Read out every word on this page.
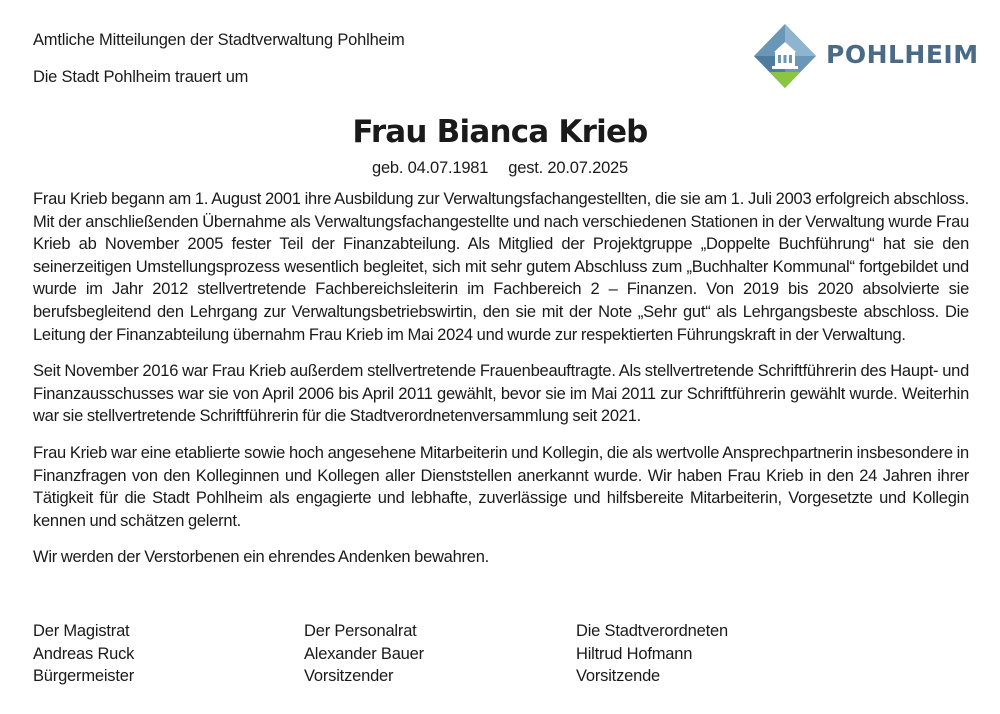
Amtliche Mitteilungen der Stadtverwaltung Pohlheim
Die Stadt Pohlheim trauert um
POHLHEIM
Frau Bianca Krieb
geb. 04.07.1981 gest. 20.07.2025

Frau Krieb begann am 1. August 2001 ihre Ausbildung zur Verwaltungsfachangestellten, die sie am 1. Juli 2003 erfolgreich abschloss. Mit der anschließenden Übernahme als Verwaltungsfachangestellte und nach verschiedenen Stationen in der Verwaltung wurde Frau Krieb ab November 2005 fester Teil der Finanzabteilung. Als Mitglied der Projektgruppe „Doppelte Buchführung“ hat sie den seinerzeitigen Umstellungsprozess wesentlich begleitet, sich mit sehr gutem Abschluss zum „Buchhalter Kommunal“ fortgebildet und wurde im Jahr 2012 stellvertretende Fachbereichsleiterin im Fachbereich 2 – Finanzen. Von 2019 bis 2020 absolvierte sie berufsbegleitend den Lehrgang zur Verwaltungsbetriebswirtin, den sie mit der Note „Sehr gut“ als Lehrgangsbeste abschloss. Die Leitung der Finanzabteilung übernahm Frau Krieb im Mai 2024 und wurde zur respektierten Führungskraft in der Verwaltung.

Seit November 2016 war Frau Krieb außerdem stellvertretende Frauenbeauftragte. Als stellvertretende Schriftführerin des Haupt- und Finanzausschusses war sie von April 2006 bis April 2011 gewählt, bevor sie im Mai 2011 zur Schriftführerin gewählt wurde. Weiterhin war sie stellvertretende Schriftführerin für die Stadtverordnetenversammlung seit 2021.

Frau Krieb war eine etablierte sowie hoch angesehene Mitarbeiterin und Kollegin, die als wertvolle Ansprechpartnerin insbesondere in Finanzfragen von den Kolleginnen und Kollegen aller Dienststellen anerkannt wurde. Wir haben Frau Krieb in den 24 Jahren ihrer Tätigkeit für die Stadt Pohlheim als engagierte und lebhafte, zuverlässige und hilfsbereite Mitarbeiterin, Vorgesetzte und Kollegin kennen und schätzen gelernt.

Wir werden der Verstorbenen ein ehrendes Andenken bewahren.

Der Magistrat
Andreas Ruck
Bürgermeister
Der Personalrat
Alexander Bauer
Vorsitzender
Die Stadtverordneten
Hiltrud Hofmann
Vorsitzende
